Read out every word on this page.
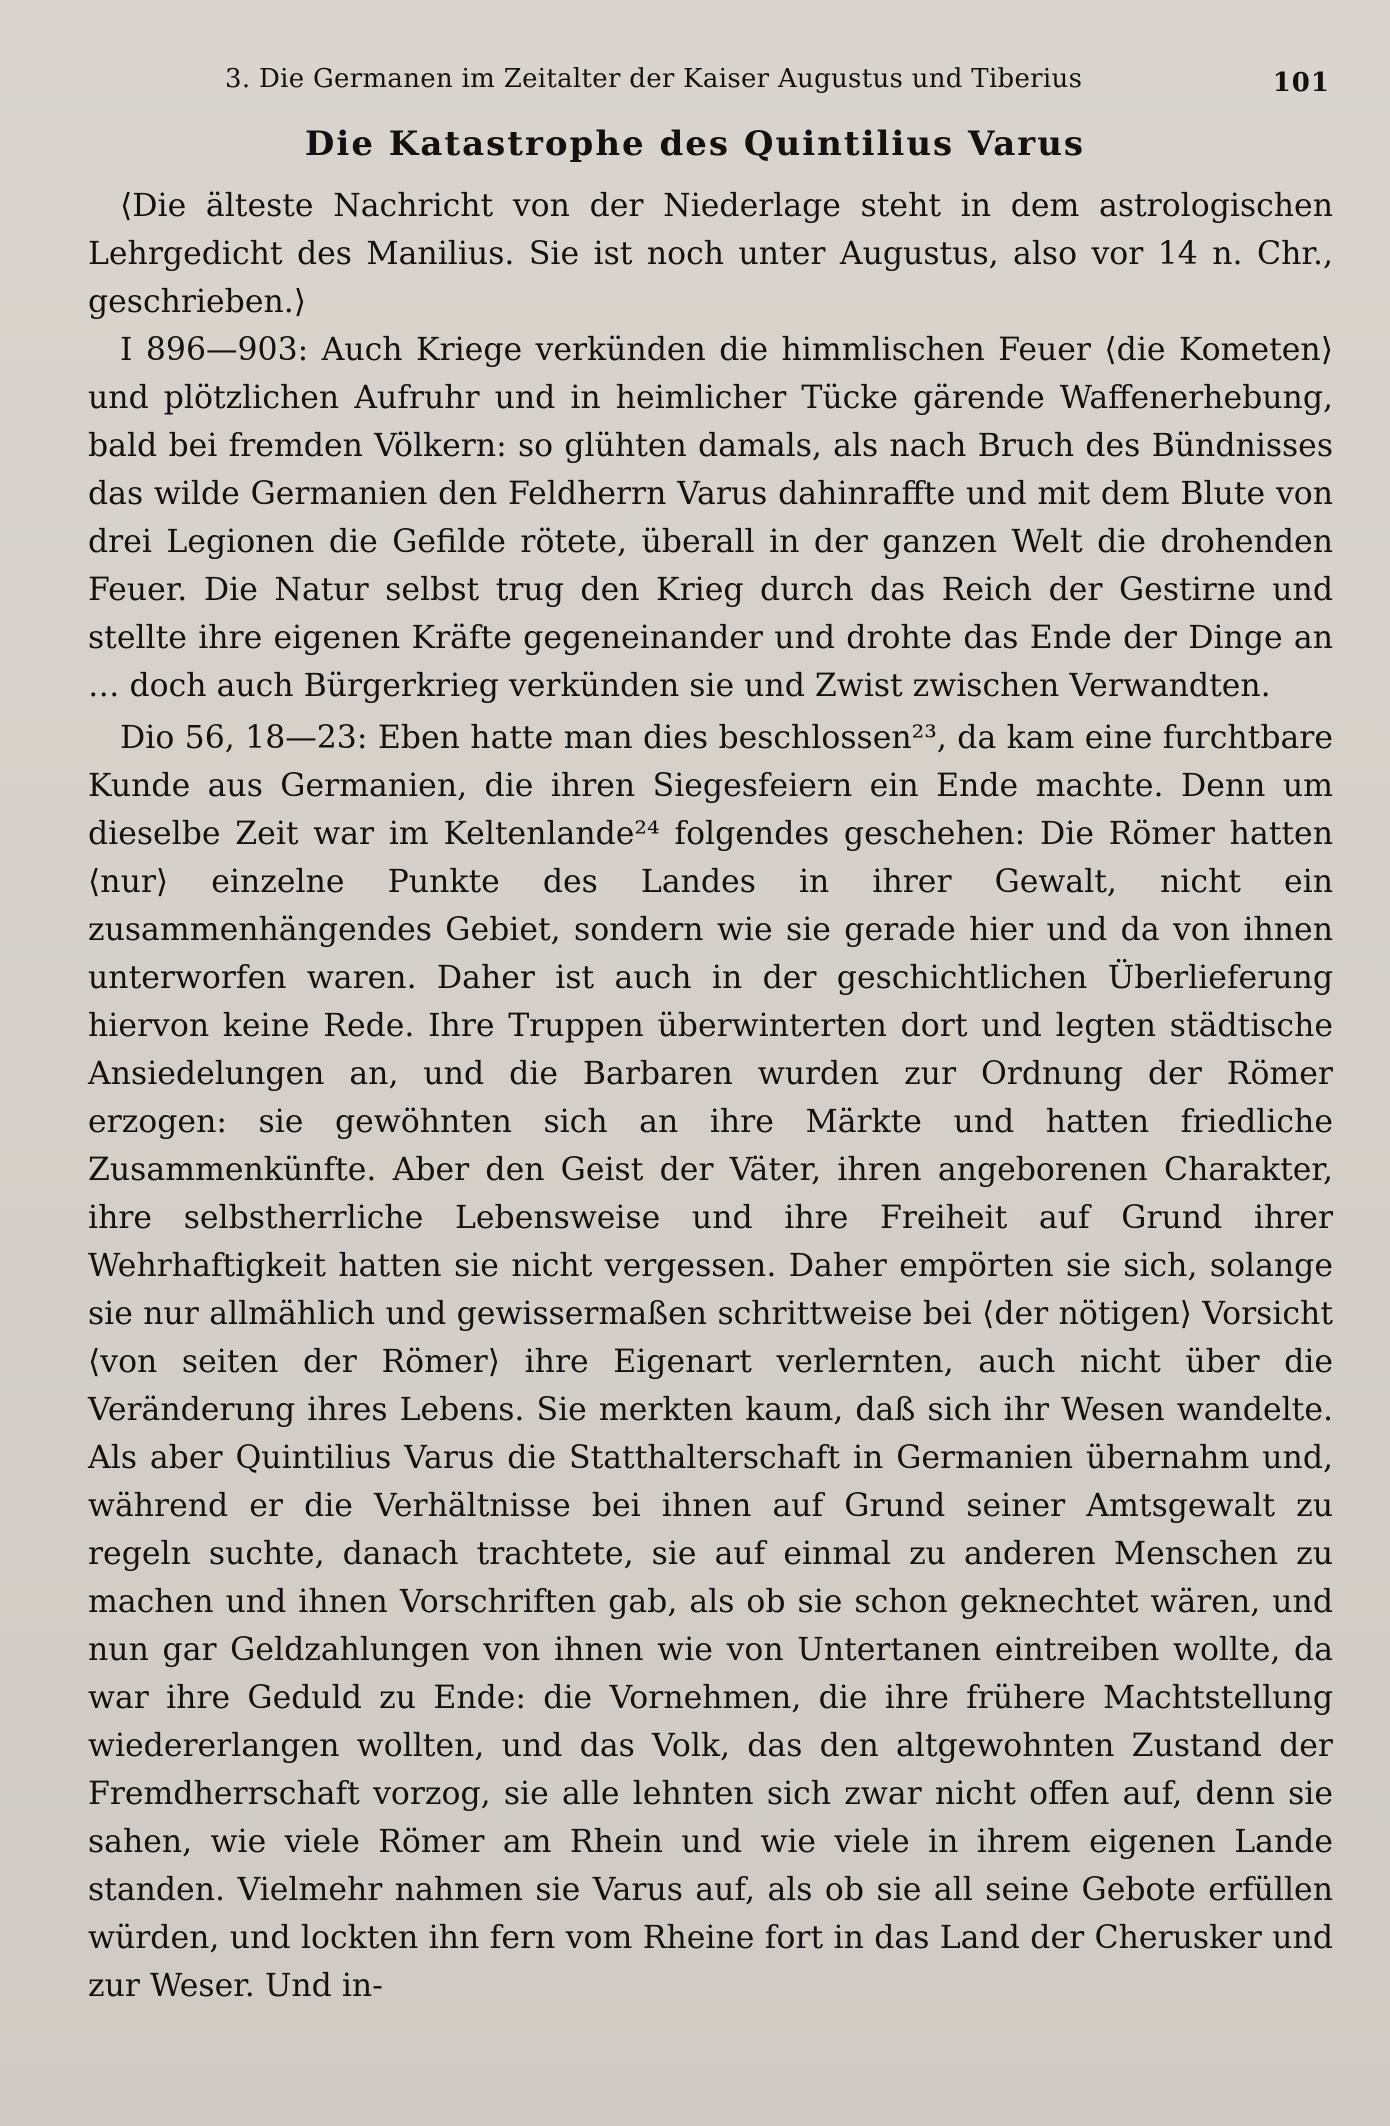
3. Die Germanen im Zeitalter der Kaiser Augustus und Tiberius	101
Die Katastrophe des Quintilius Varus

⟨Die älteste Nachricht von der Niederlage steht in dem astrologischen Lehrgedicht des Manilius. Sie ist noch unter Augustus, also vor 14 n. Chr., geschrieben.⟩

I 896—903: Auch Kriege verkünden die himmlischen Feuer ⟨die Kometen⟩ und plötzlichen Aufruhr und in heimlicher Tücke gärende Waffenerhebung, bald bei fremden Völkern: so glühten damals, als nach Bruch des Bündnisses das wilde Germanien den Feldherrn Varus dahinraffte und mit dem Blute von drei Legionen die Gefilde rötete, überall in der ganzen Welt die drohenden Feuer. Die Natur selbst trug den Krieg durch das Reich der Gestirne und stellte ihre eigenen Kräfte gegeneinander und drohte das Ende der Dinge an … doch auch Bürgerkrieg verkünden sie und Zwist zwischen Verwandten.

Dio 56, 18—23: Eben hatte man dies beschlossen²³, da kam eine furchtbare Kunde aus Germanien, die ihren Siegesfeiern ein Ende machte. Denn um dieselbe Zeit war im Keltenlande²⁴ folgendes geschehen: Die Römer hatten ⟨nur⟩ einzelne Punkte des Landes in ihrer Gewalt, nicht ein zusammenhängendes Gebiet, sondern wie sie gerade hier und da von ihnen unterworfen waren. Daher ist auch in der geschichtlichen Überlieferung hiervon keine Rede. Ihre Truppen überwinterten dort und legten städtische Ansiedelungen an, und die Barbaren wurden zur Ordnung der Römer erzogen: sie gewöhnten sich an ihre Märkte und hatten friedliche Zusammenkünfte. Aber den Geist der Väter, ihren angeborenen Charakter, ihre selbstherrliche Lebensweise und ihre Freiheit auf Grund ihrer Wehrhaftigkeit hatten sie nicht vergessen. Daher empörten sie sich, solange sie nur allmählich und gewissermaßen schrittweise bei ⟨der nötigen⟩ Vorsicht ⟨von seiten der Römer⟩ ihre Eigenart verlernten, auch nicht über die Veränderung ihres Lebens. Sie merkten kaum, daß sich ihr Wesen wandelte. Als aber Quintilius Varus die Statthalterschaft in Germanien übernahm und, während er die Verhältnisse bei ihnen auf Grund seiner Amtsgewalt zu regeln suchte, danach trachtete, sie auf einmal zu anderen Menschen zu machen und ihnen Vorschriften gab, als ob sie schon geknechtet wären, und nun gar Geldzahlungen von ihnen wie von Untertanen eintreiben wollte, da war ihre Geduld zu Ende: die Vornehmen, die ihre frühere Machtstellung wiedererlangen wollten, und das Volk, das den altgewohnten Zustand der Fremdherrschaft vorzog, sie alle lehnten sich zwar nicht offen auf, denn sie sahen, wie viele Römer am Rhein und wie viele in ihrem eigenen Lande standen. Vielmehr nahmen sie Varus auf, als ob sie all seine Gebote erfüllen würden, und lockten ihn fern vom Rheine fort in das Land der Cherusker und zur Weser. Und in-
